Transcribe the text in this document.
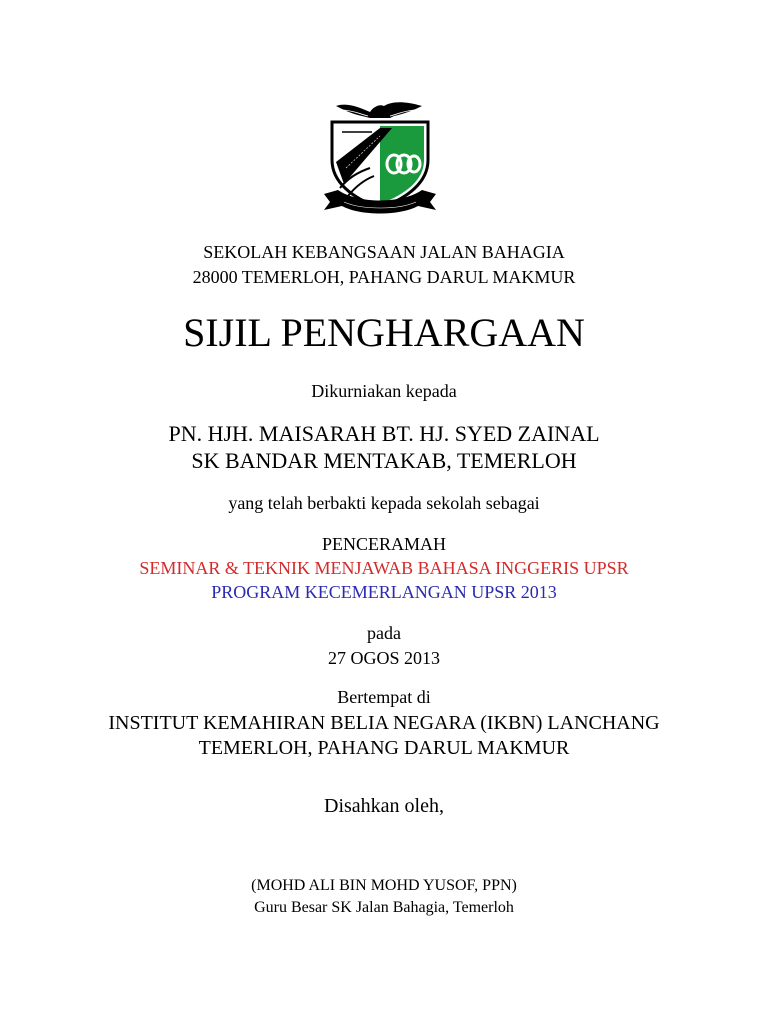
SEKOLAH KEBANGSAAN JALAN BAHAGIA
28000 TEMERLOH, PAHANG DARUL MAKMUR
SIJIL PENGHARGAAN
Dikurniakan kepada
PN. HJH. MAISARAH BT. HJ. SYED ZAINAL
SK BANDAR MENTAKAB, TEMERLOH
yang telah berbakti kepada sekolah sebagai
PENCERAMAH
SEMINAR & TEKNIK MENJAWAB BAHASA INGGERIS UPSR
PROGRAM KECEMERLANGAN UPSR 2013
pada
27 OGOS 2013
Bertempat di
INSTITUT KEMAHIRAN BELIA NEGARA (IKBN) LANCHANG
TEMERLOH, PAHANG DARUL MAKMUR
Disahkan oleh,
(MOHD ALI BIN MOHD YUSOF, PPN)
Guru Besar SK Jalan Bahagia, Temerloh
